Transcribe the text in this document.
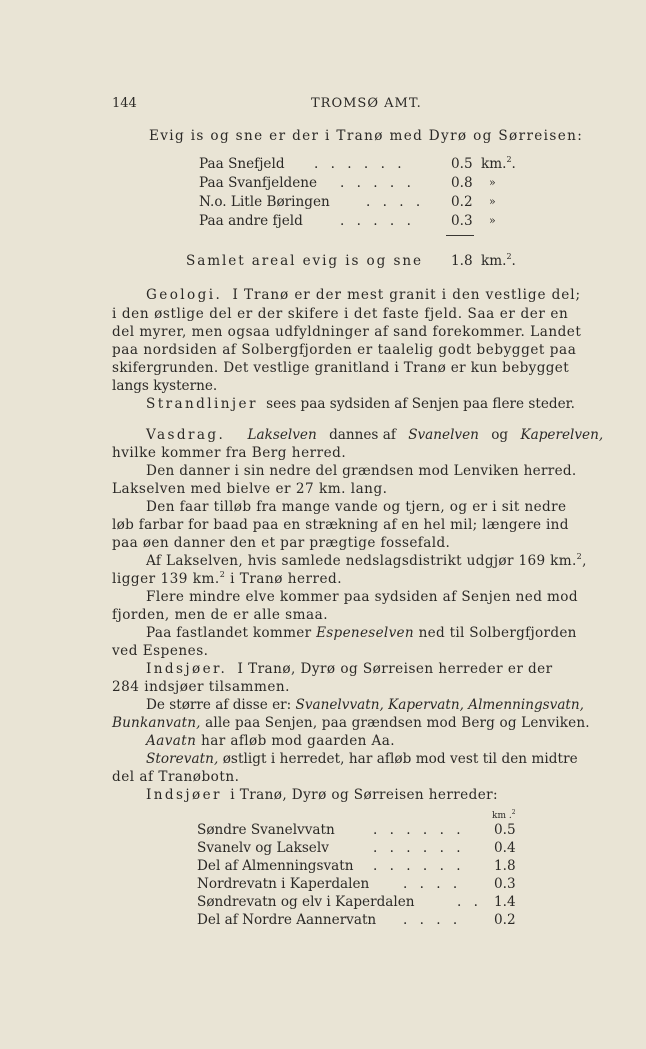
144	TROMSØ AMT.
Evig is og sne er der i Tranø med Dyrø og Sørreisen:
Paa Snefjeld . . . . . .	0.5 km.$^2$.
Paa Svanfjeldene . . . . .	0.8 »
N.o. Litle Børingen	. . . . 0.2 »
Paa andre fjeld	. . . . .	0.3 »
Samlet areal evig is og sne 1.8 km.$^2$.
Geologi. I Tranø er der mest granit i den vestlige del;
i den østlige del er der skifere i det faste fjeld. Saa er der en
del myrer, men ogsaa udfyldninger af sand forekommer. Landet
paa nordsiden af Solbergfjorden er taalelig godt bebygget paa
skifergrunden. Det vestlige granitland i Tranø er kun bebygget
langs kysterne.
Strandlinjer sees paa sydsiden af Senjen paa flere steder.
Vasdrag. Lakselven dannes af Svanelven og Kaperelven,
hvilke kommer fra Berg herred.
Den danner i sin nedre del grændsen mod Lenviken herred.
Lakselven med bielve er 27 km. lang.
Den faar tilløb fra mange vande og tjern, og er i sit nedre
løb farbar for baad paa en strækning af en hel mil; længere ind
paa øen danner den et par prægtige fossefald.
Af Lakselven, hvis samlede nedslagsdistrikt udgjør 169 km.$^2$,
ligger 139 km.$^2$ i Tranø herred.
Flere mindre elve kommer paa sydsiden af Senjen ned mod
fjorden, men de er alle smaa.
Paa fastlandet kommer Espeneselven ned til Solbergfjorden
ved Espenes.
Indsjøer. I Tranø, Dyrø og Sørreisen herreder er der
284 indsjøer tilsammen.
De større af disse er: Svanelvvatn, Kapervatn, Almenningsvatn,
Bunkanvatn, alle paa Senjen, paa grændsen mod Berg og Lenviken.
Aavatn har afløb mod gaarden Aa.
Storevatn, østligt i herredet, har afløb mod vest til den midtre
del af Tranøbotn.
Indsjøer i Tranø, Dyrø og Sørreisen herreder:
km .$^2$
Søndre Svanelvvatn	. . . . . . 0.5
Svanelv og Lakselv	. . . . . . 0.4
Del af Almenningsvatn . . . . . . 1.8
Nordrevatn i Kaperdalen . . . . 0.3
Søndrevatn og elv i Kaperdalen	. . 1.4
Del af Nordre Aannervatn . . . . 0.2
